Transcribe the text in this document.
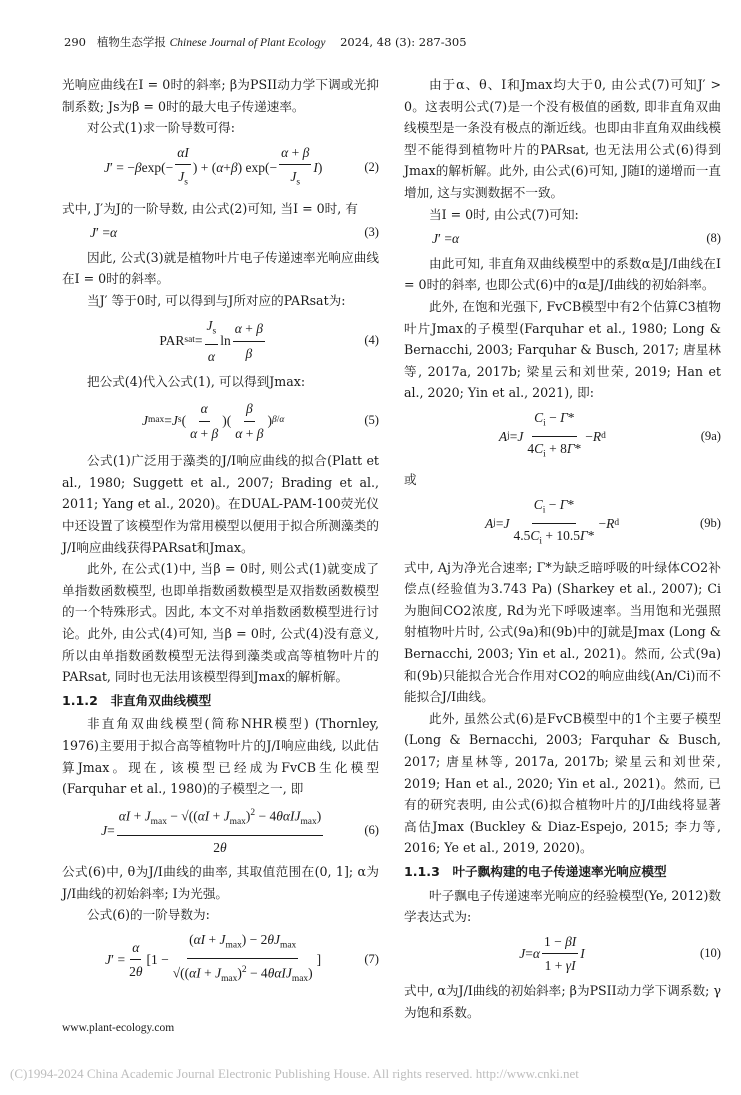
290 植物生态学报 Chinese Journal of Plant Ecology 2024, 48 (3): 287-305

光响应曲线在I = 0时的斜率; β为PSII动力学下调或光抑制系数; Js为β = 0时的最大电子传递速率。

对公式(1)求一阶导数可得:

J ′ = − β $\exp(- \frac{\alpha I}{J_s}$ ) + ( α + β ) $\exp(- \frac{\alpha + \beta}{J_s}$ I )	(2)

式中, J′为J的一阶导数, 由公式(2)可知, 当I = 0时, 有

J ′ = α	(3)

因此, 公式(3)就是植物叶片电子传递速率光响应曲线在I = 0时的斜率。

当J′ 等于0时, 可以得到与J所对应的PARsat为:

PAR sat = $\frac{J_s}{\alpha}$ $\ln \frac{\alpha + \beta}{\beta}$	(4)

把公式(4)代入公式(1), 可以得到Jmax:

J max = J s ( $\frac{\alpha}{\alpha + \beta}$ )( $\frac{\beta}{\alpha + \beta}$ ) β/α	(5)

公式(1)广泛用于藻类的J/I响应曲线的拟合(Platt et al., 1980; Suggett et al., 2007; Brading et al., 2011; Yang et al., 2020)。在DUAL-PAM-100荧光仪中还设置了该模型作为常用模型以便用于拟合所测藻类的J/I响应曲线获得PARsat和Jmax。

此外, 在公式(1)中, 当β = 0时, 则公式(1)就变成了单指数函数模型, 也即单指数函数模型是双指数函数模型的一个特殊形式。因此, 本文不对单指数函数模型进行讨论。此外, 由公式(4)可知, 当β = 0时, 公式(4)没有意义, 所以由单指数函数模型无法得到藻类或高等植物叶片的PARsat, 同时也无法用该模型得到Jmax的解析解。

1.1.2　非直角双曲线模型

非直角双曲线模型(简称NHR模型) (Thornley, 1976)主要用于拟合高等植物叶片的J/I响应曲线, 以此估算Jmax。现在, 该模型已经成为FvCB生化模型(Farquhar et al., 1980)的子模型之一, 即

$J = \frac{\alpha I + J_{max} - √((\alpha I + J_{max})^2 - 4\theta\alpha IJ_{max})}{2\theta}$	(6)

公式(6)中, θ为J/I曲线的曲率, 其取值范围在(0, 1]; α为J/I曲线的初始斜率; I为光强。

公式(6)的一阶导数为:

J ′ = $\frac{\alpha}{2\theta} [1 - \frac{(\alpha I + J_{max}) - 2\theta J_{max}}{√((\alpha I + J_{max})^2 - 4\theta\alpha IJ_{max})}$ ]	(7)

由于α、θ、I和Jmax均大于0, 由公式(7)可知J′ > 0。这表明公式(7)是一个没有极值的函数, 即非直角双曲线模型是一条没有极点的渐近线。也即由非直角双曲线模型不能得到植物叶片的PARsat, 也无法用公式(6)得到Jmax的解析解。此外, 由公式(6)可知, J随I的递增而一直增加, 这与实测数据不一致。

当I = 0时, 由公式(7)可知:

J ′ = α	(8)

由此可知, 非直角双曲线模型中的系数α是J/I曲线在I = 0时的斜率, 也即公式(6)中的α是J/I曲线的初始斜率。

此外, 在饱和光强下, FvCB模型中有2个估算C3植物叶片Jmax的子模型(Farquhar et al., 1980; Long & Bernacchi, 2003; Farquhar & Busch, 2017; 唐星林等, 2017a, 2017b; 梁星云和刘世荣, 2019; Han et al., 2020; Yin et al., 2021), 即:

A j = J $\frac{C_i - \Gamma*}{4C_i + 8\Gamma*} - R$ d	(9a)

或

A j = J $\frac{C_i - \Gamma*}{4.5C_i + 10.5\Gamma*} - R$ d	(9b)

式中, Aj为净光合速率; Γ*为缺乏暗呼吸的叶绿体CO2补偿点(经验值为3.743 Pa) (Sharkey et al., 2007); Ci为胞间CO2浓度, Rd为光下呼吸速率。当用饱和光强照射植物叶片时, 公式(9a)和(9b)中的J就是Jmax (Long & Bernacchi, 2003; Yin et al., 2021)。然而, 公式(9a)和(9b)只能拟合光合作用对CO2的响应曲线(An/Ci)而不能拟合J/I曲线。

此外, 虽然公式(6)是FvCB模型中的1个主要子模型(Long & Bernacchi, 2003; Farquhar & Busch, 2017; 唐星林等, 2017a, 2017b; 梁星云和刘世荣, 2019; Han et al., 2020; Yin et al., 2021)。然而, 已有的研究表明, 由公式(6)拟合植物叶片的J/I曲线将显著高估Jmax (Buckley & Diaz-Espejo, 2015; 李力等, 2016; Ye et al., 2019, 2020)。

1.1.3　叶子飘构建的电子传递速率光响应模型

叶子飘电子传递速率光响应的经验模型(Ye, 2012)数学表达式为:

J = α $\frac{1 - \beta I}{1 + \gamma I}$ I	(10)

式中, α为J/I曲线的初始斜率; β为PSII动力学下调系数; γ为饱和系数。

www.plant-ecology.com
(C)1994-2024 China Academic Journal Electronic Publishing House. All rights reserved. http://www.cnki.net
